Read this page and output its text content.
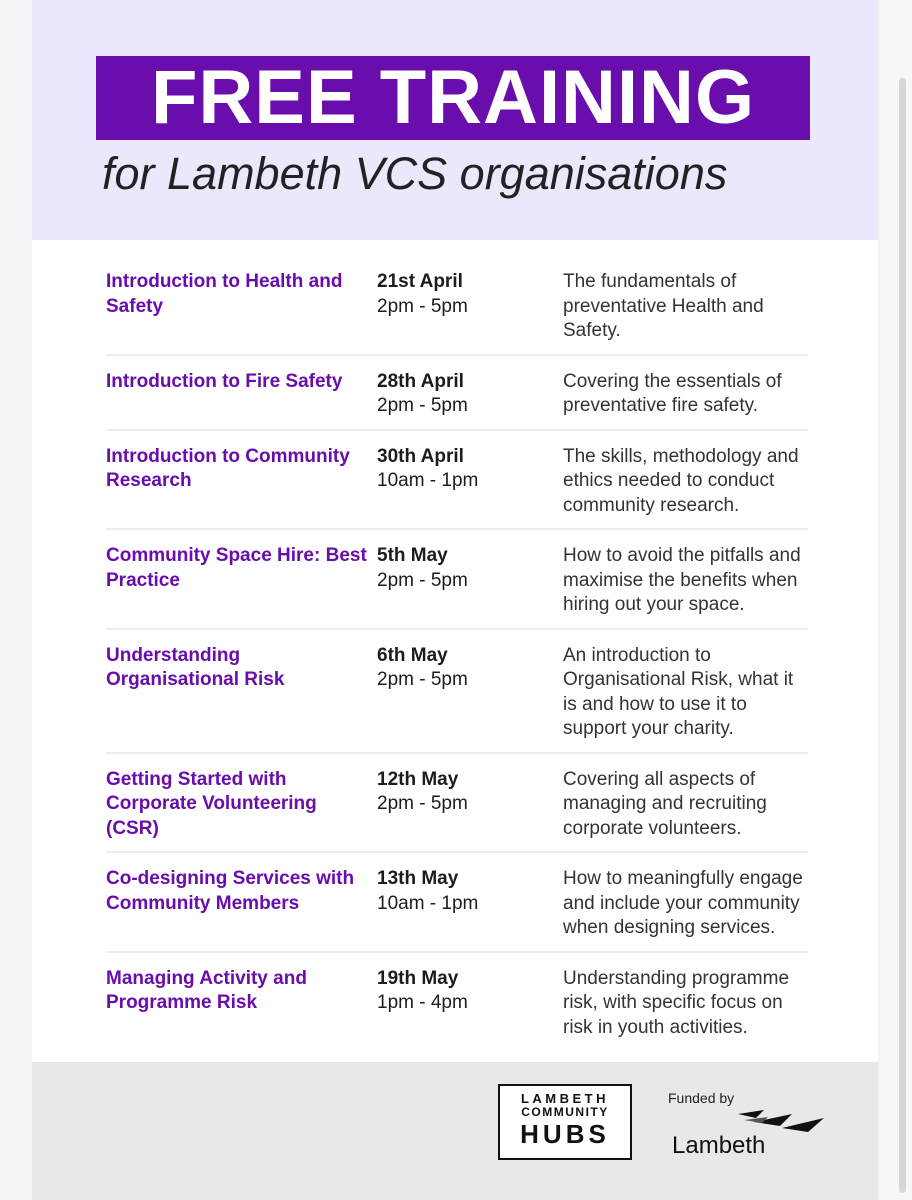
FREE TRAINING
for Lambeth VCS organisations
Introduction to Health and Safety
21st April
2pm - 5pm
The fundamentals of preventative Health and Safety.
Introduction to Fire Safety	28th April
2pm - 5pm
Covering the essentials of preventative fire safety.
Introduction to Community Research
30th April
10am - 1pm
The skills, methodology and ethics needed to conduct community research.
Community Space Hire: Best Practice
5th May
2pm - 5pm
How to avoid the pitfalls and maximise the benefits when hiring out your space.
Understanding Organisational Risk
6th May
2pm - 5pm
An introduction to Organisational Risk, what it is and how to use it to support your charity.
Getting Started with Corporate Volunteering (CSR)
12th May
2pm - 5pm
Covering all aspects of managing and recruiting corporate volunteers.
Co-designing Services with Community Members
13th May
10am - 1pm
How to meaningfully engage and include your community when designing services.
Managing Activity and Programme Risk
19th May
1pm - 4pm
Understanding programme risk, with specific focus on risk in youth activities.
LAMBETH
COMMUNITY
HUBS
Funded by
Lambeth
